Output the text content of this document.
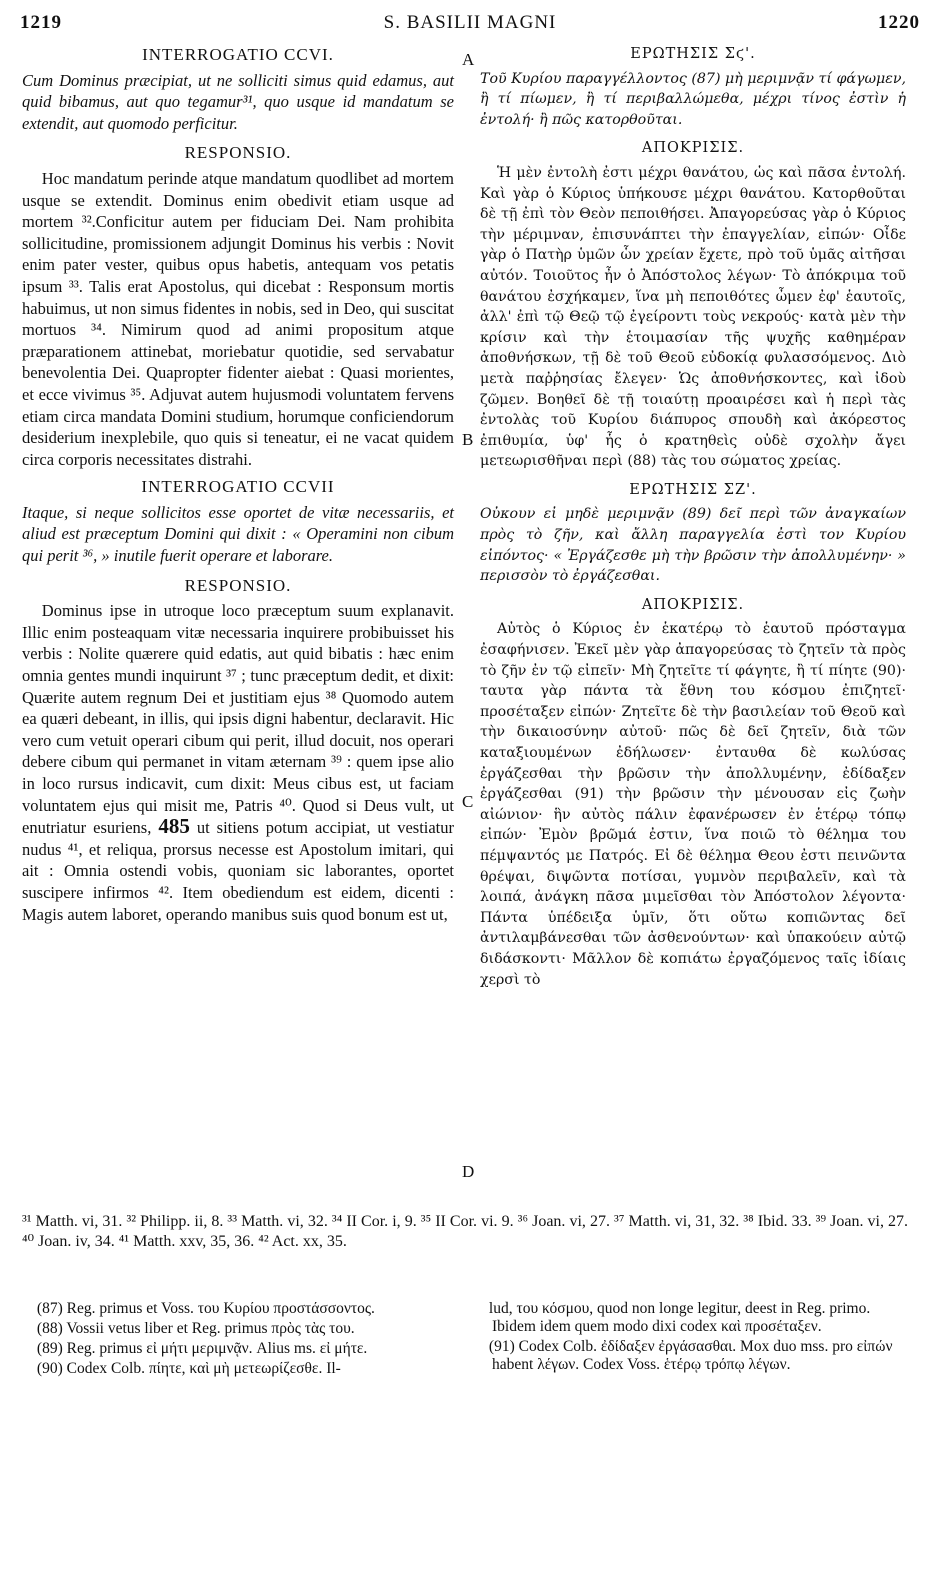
1219	S. BASILII MAGNI	1220
A
B
C
D
INTERROGATIO CCVI.
Cum Dominus præcipiat, ut ne solliciti simus quid edamus, aut quid bibamus, aut quo tegamur³¹, quo usque id mandatum se extendit, aut quomodo perficitur.
RESPONSIO.

Hoc mandatum perinde atque mandatum quodlibet ad mortem usque se extendit. Dominus enim obedivit etiam usque ad mortem ³².Conficitur autem per fiduciam Dei. Nam prohibita sollicitudine, promissionem adjungit Dominus his verbis : Novit enim pater vester, quibus opus habetis, antequam vos petatis ipsum ³³. Talis erat Apostolus, qui dicebat : Responsum mortis habuimus, ut non simus fidentes in nobis, sed in Deo, qui suscitat mortuos ³⁴. Nimirum quod ad animi propositum atque præparationem attinebat, moriebatur quotidie, sed servabatur benevolentia Dei. Quapropter fidenter aiebat : Quasi morientes, et ecce vivimus ³⁵. Adjuvat autem hujusmodi voluntatem fervens etiam circa mandata Domini studium, horumque conficiendorum desiderium inexplebile, quo quis si teneatur, ei ne vacat quidem circa corporis necessitates distrahi.

INTERROGATIO CCVII
Itaque, si neque sollicitos esse oportet de vitæ necessariis, et aliud est præceptum Domini qui dixit : « Operamini non cibum qui perit ³⁶, » inutile fuerit operare et laborare.
RESPONSIO.

Dominus ipse in utroque loco præceptum suum explanavit. Illic enim posteaquam vitæ necessaria inquirere probibuisset his verbis : Nolite quærere quid edatis, aut quid bibatis : hæc enim omnia gentes mundi inquirunt ³⁷ ; tunc præceptum dedit, et dixit: Quærite autem regnum Dei et justitiam ejus ³⁸ Quomodo autem ea quæri debeant, in illis, qui ipsis digni habentur, declaravit. Hic vero cum vetuit operari cibum qui perit, illud docuit, nos operari debere cibum qui permanet in vitam æternam ³⁹ : quem ipse alio in loco rursus indicavit, cum dixit: Meus cibus est, ut faciam voluntatem ejus qui misit me, Patris ⁴⁰. Quod si Deus vult, ut enutriatur esuriens, 485 ut sitiens potum accipiat, ut vestiatur nudus ⁴¹, et reliqua, prorsus necesse est Apostolum imitari, qui ait : Omnia ostendi vobis, quoniam sic laborantes, oportet suscipere infirmos ⁴². Item obediendum est eidem, dicenti : Magis autem laboret, operando manibus suis quod bonum est ut,

ΕΡΩΤΗΣΙΣ Σϛ'.
Τοῦ Κυρίου παραγγέλλοντος (87) μὴ μεριμνᾷν τί φάγωμεν, ἢ τί πίωμεν, ἢ τί περιβαλλώμεθα, μέχρι τίνος ἐστὶν ἡ ἐντολή· ἢ πῶς κατορθοῦται.
ΑΠΟΚΡΙΣΙΣ.

Ἡ μὲν ἐντολὴ ἐστι μέχρι θανάτου, ὡς καὶ πᾶσα ἐντολή. Καὶ γὰρ ὁ Κύριος ὑπήκουσε μέχρι θανάτου. Κατορθοῦται δὲ τῇ ἐπὶ τὸν Θεὸν πεποιθήσει. Ἀπαγορεύσας γὰρ ὁ Κύριος τὴν μέριμναν, ἐπισυνάπτει τὴν ἐπαγγελίαν, εἰπών· Οἶδε γὰρ ὁ Πατὴρ ὑμῶν ὧν χρείαν ἔχετε, πρὸ τοῦ ὑμᾶς αἰτῆσαι αὐτόν. Τοιοῦτος ἦν ὁ Ἀπόστολος λέγων· Τὸ ἀπόκριμα τοῦ θανάτου ἐσχήκαμεν, ἵνα μὴ πεποιθότες ὦμεν ἐφ' ἑαυτοῖς, ἀλλ' ἐπὶ τῷ Θεῷ τῷ ἐγείροντι τοὺς νεκρούς· κατὰ μὲν τὴν κρίσιν καὶ τὴν ἑτοιμασίαν τῆς ψυχῆς καθημέραν ἀποθνήσκων, τῇ δὲ τοῦ Θεοῦ εὐδοκίᾳ φυλασσόμενος. Διὸ μετὰ παῤῥησίας ἔλεγεν· Ὡς ἀποθνήσκοντες, καὶ ἰδοὺ ζῶμεν. Βοηθεῖ δὲ τῇ τοιαύτῃ προαιρέσει καὶ ἡ περὶ τὰς ἐντολὰς τοῦ Κυρίου διάπυρος σπουδὴ καὶ ἀκόρεστος ἐπιθυμία, ὑφ' ἧς ὁ κρατηθεὶς οὐδὲ σχολὴν ἄγει μετεωρισθῆναι περὶ (88) τὰς του σώματος χρείας.

ΕΡΩΤΗΣΙΣ ΣΖ'.
Οὐκουν εἰ μηδὲ μεριμνᾷν (89) δεῖ περὶ τῶν ἀναγκαίων πρὸς τὸ ζῆν, καὶ ἄλλη παραγγελία ἐστὶ τον Κυρίου εἰπόντος· « Ἐργάζεσθε μὴ τὴν βρῶσιν τὴν ἀπολλυμένην· » περισσὸν τὸ ἐργάζεσθαι.
ΑΠΟΚΡΙΣΙΣ.

Αὐτὸς ὁ Κύριος ἐν ἑκατέρῳ τὸ ἑαυτοῦ πρόσταγμα ἐσαφήνισεν. Ἐκεῖ μὲν γὰρ ἀπαγορεύσας τὸ ζητεῖν τὰ πρὸς τὸ ζῆν ἐν τῷ εἰπεῖν· Μὴ ζητεῖτε τί φάγητε, ἢ τί πίητε (90)· ταυτα γὰρ πάντα τὰ ἔθνη του κόσμου ἐπιζητεῖ· προσέταξεν εἰπών· Ζητεῖτε δὲ τὴν βασιλείαν τοῦ Θεοῦ καὶ τὴν δικαιοσύνην αὐτοῦ· πῶς δὲ δεῖ ζητεῖν, διὰ τῶν καταξιουμένων ἐδήλωσεν· ἐνταυθα δὲ κωλύσας ἐργάζεσθαι τὴν βρῶσιν τὴν ἀπολλυμένην, ἐδίδαξεν ἐργάζεσθαι (91) τὴν βρῶσιν τὴν μένουσαν εἰς ζωὴν αἰώνιον· ἣν αὐτὸς πάλιν ἐφανέρωσεν ἐν ἑτέρῳ τόπῳ εἰπών· Ἐμὸν βρῶμά ἐστιν, ἵνα ποιῶ τὸ θέλημα του πέμψαντός με Πατρός. Εἰ δὲ θέλημα Θεου ἐστι πεινῶντα θρέψαι, διψῶντα ποτίσαι, γυμνὸν περιβαλεῖν, καὶ τὰ λοιπά, ἀνάγκη πᾶσα μιμεῖσθαι τὸν Ἀπόστολον λέγοντα· Πάντα ὑπέδειξα ὑμῖν, ὅτι οὕτω κοπιῶντας δεῖ ἀντιλαμβάνεσθαι τῶν ἀσθενούντων· καὶ ὑπακούειν αὐτῷ διδάσκοντι· Μᾶλλον δὲ κοπιάτω ἐργαζόμενος ταῖς ἰδίαις χερσὶ τὸ

³¹ Matth. vi, 31. ³² Philipp. ii, 8. ³³ Matth. vi, 32. ³⁴ II Cor. i, 9. ³⁵ II Cor. vi. 9. ³⁶ Joan. vi, 27. ³⁷ Matth. vi, 31, 32. ³⁸ Ibid. 33. ³⁹ Joan. vi, 27. ⁴⁰ Joan. iv, 34. ⁴¹ Matth. xxv, 35, 36. ⁴² Act. xx, 35.
(87) Reg. primus et Voss. του Κυρίου προστάσσοντος.
(88) Vossii vetus liber et Reg. primus πρὸς τὰς του.
(89) Reg. primus εἰ μήτι μεριμνᾷν. Alius ms. εἰ μήτε.
(90) Codex Colb. πίητε, καὶ μὴ μετεωρίζεσθε. Il-
lud, του κόσμου, quod non longe legitur, deest in Reg. primo. Ibidem idem quem modo dixi codex καὶ προσέταξεν.
(91) Codex Colb. ἐδίδαξεν ἐργάσασθαι. Mox duo mss. pro εἰπών habent λέγων. Codex Voss. ἑτέρῳ τρόπῳ λέγων.
